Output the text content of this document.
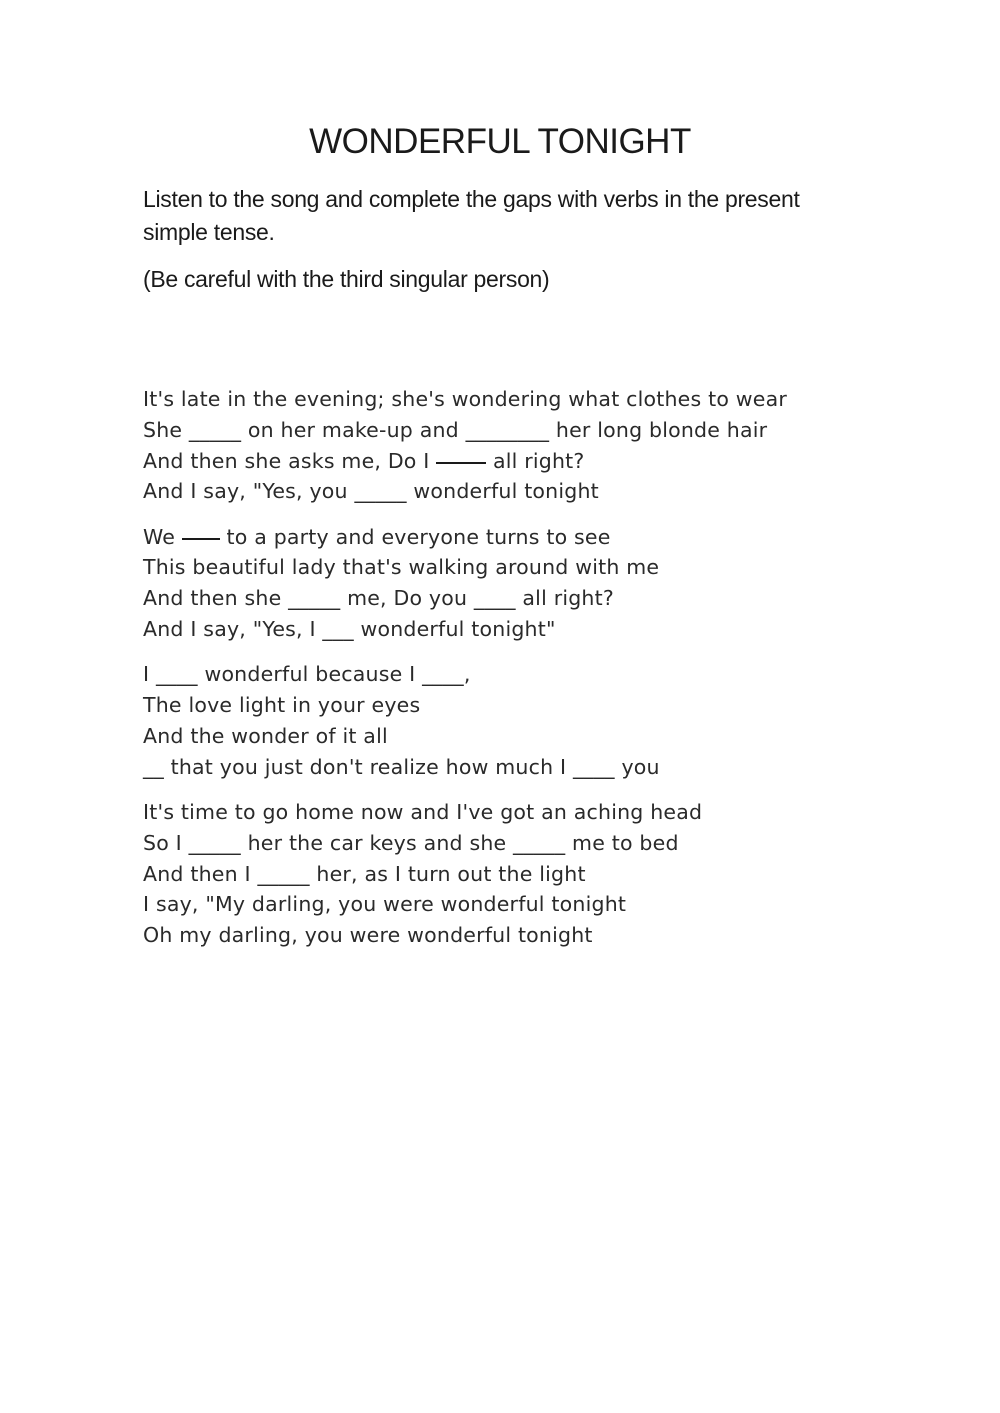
WONDERFUL TONIGHT

Listen to the song and complete the gaps with verbs in the present simple tense.

(Be careful with the third singular person)

It's late in the evening; she's wondering what clothes to wear
She _____ on her make-up and ________ her long blonde hair
And then she asks me, Do I  all right?
And I say, "Yes, you _____ wonderful tonight
We  to a party and everyone turns to see
This beautiful lady that's walking around with me
And then she _____ me, Do you ____ all right?
And I say, "Yes, I ___ wonderful tonight"
I ____ wonderful because I ____,
The love light in your eyes
And the wonder of it all
__ that you just don't realize how much I ____ you
It's time to go home now and I've got an aching head
So I _____ her the car keys and she _____ me to bed
And then I _____ her, as I turn out the light
I say, "My darling, you were wonderful tonight
Oh my darling, you were wonderful tonight
